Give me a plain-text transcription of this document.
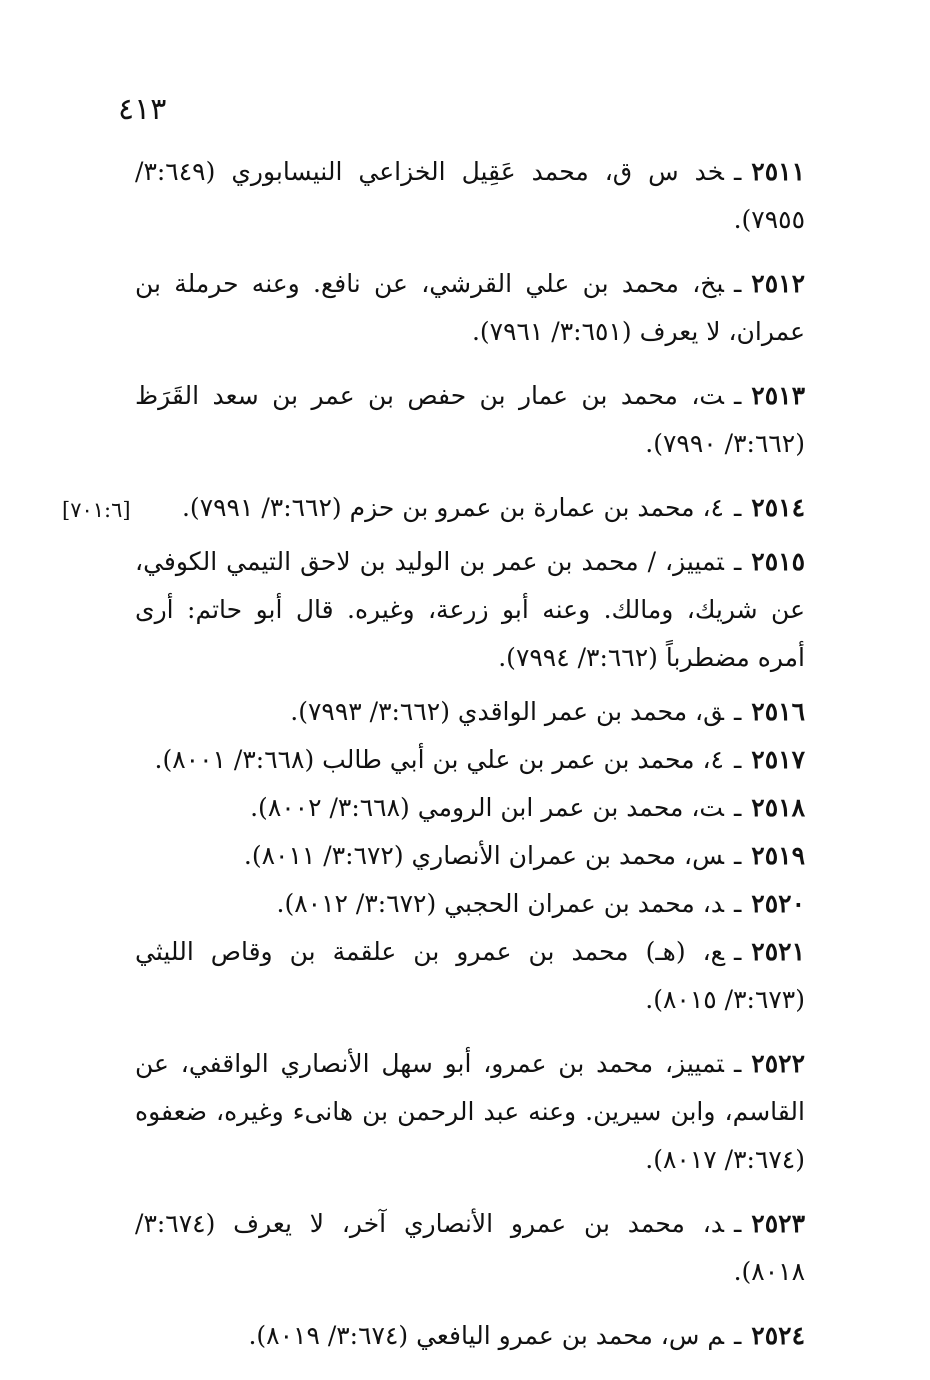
٤١٣
[٧٠١:٦]
٢٥١١ـخد س ق، محمد عَقِيل الخزاعي النيسابوري (٣:٦٤٩/ ٧٩٥٥).
٢٥١٢ـبخ، محمد بن علي القرشي، عن نافع. وعنه حرملة بن عمران، لا يعرف (٣:٦٥١/ ٧٩٦١).
٢٥١٣ـت، محمد بن عمار بن حفص بن عمر بن سعد القَرَظ (٣:٦٦٢/ ٧٩٩٠).
٢٥١٤ـ٤، محمد بن عمارة بن عمرو بن حزم (٣:٦٦٢/ ٧٩٩١).
٢٥١٥ـتمييز، / محمد بن عمر بن الوليد بن لاحق التيمي الكوفي، عن شريك، ومالك. وعنه أبو زرعة، وغيره. قال أبو حاتم: أرى أمره مضطرباً (٣:٦٦٢/ ٧٩٩٤).
٢٥١٦ـق، محمد بن عمر الواقدي (٣:٦٦٢/ ٧٩٩٣).
٢٥١٧ـ٤، محمد بن عمر بن علي بن أبي طالب (٣:٦٦٨/ ٨٠٠١).
٢٥١٨ـت، محمد بن عمر ابن الرومي (٣:٦٦٨/ ٨٠٠٢).
٢٥١٩ـس، محمد بن عمران الأنصاري (٣:٦٧٢/ ٨٠١١).
٢٥٢٠ـد، محمد بن عمران الحجبي (٣:٦٧٢/ ٨٠١٢).
٢٥٢١ـع، (هـ) محمد بن عمرو بن علقمة بن وقاص الليثي (٣:٦٧٣/ ٨٠١٥).
٢٥٢٢ـتمييز، محمد بن عمرو، أبو سهل الأنصاري الواقفي، عن القاسم، وابن سيرين. وعنه عبد الرحمن بن هانىء وغيره، ضعفوه (٣:٦٧٤/ ٨٠١٧).
٢٥٢٣ـد، محمد بن عمرو الأنصاري آخر، لا يعرف (٣:٦٧٤/ ٨٠١٨).
٢٥٢٤ـم س، محمد بن عمرو اليافعي (٣:٦٧٤/ ٨٠١٩).
